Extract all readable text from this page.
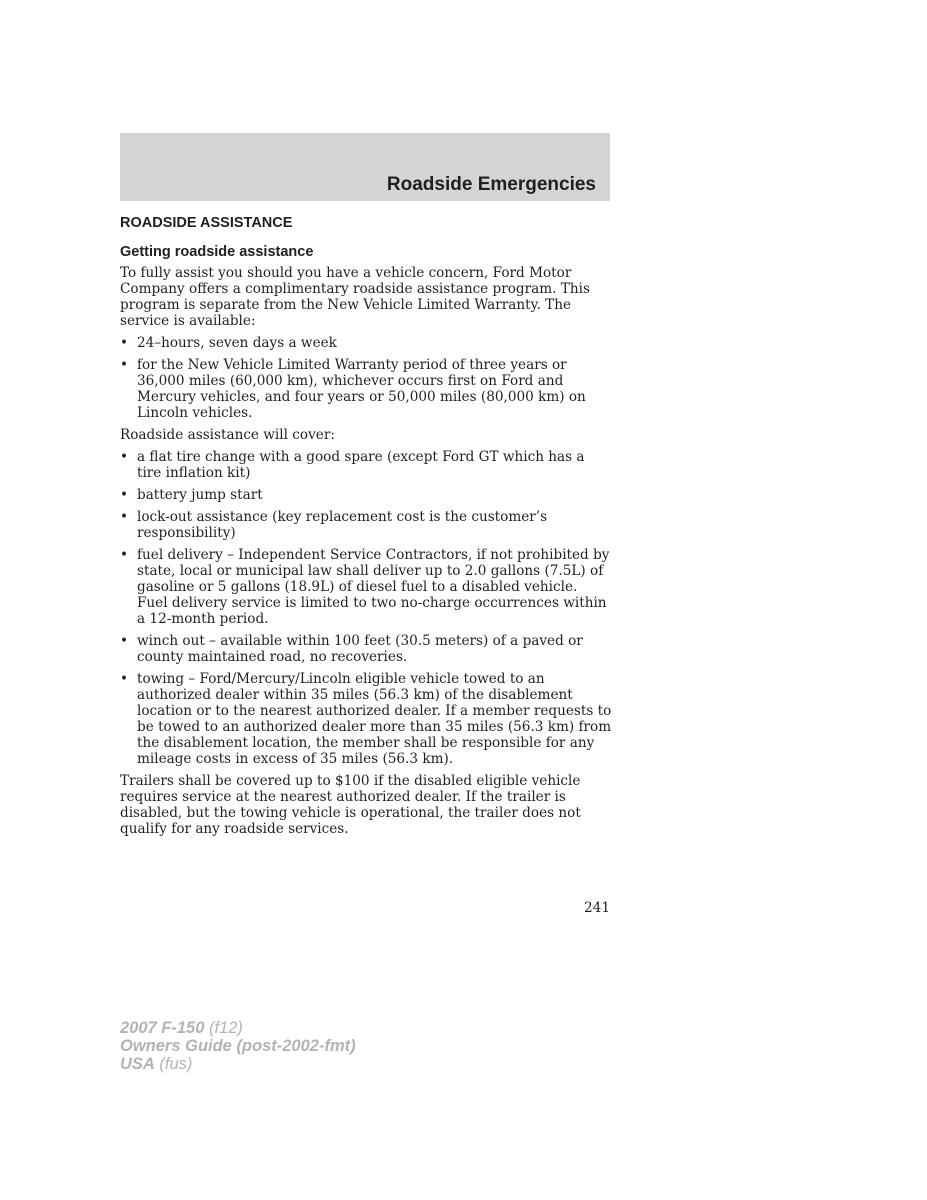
Roadside Emergencies
ROADSIDE ASSISTANCE
Getting roadside assistance

To fully assist you should you have a vehicle concern, Ford Motor Company offers a complimentary roadside assistance program. This program is separate from the New Vehicle Limited Warranty. The service is available:

• 24–hours, seven days a week
• for the New Vehicle Limited Warranty period of three years or 36,000 miles (60,000 km), whichever occurs first on Ford and Mercury vehicles, and four years or 50,000 miles (80,000 km) on Lincoln vehicles.

Roadside assistance will cover:

• a flat tire change with a good spare (except Ford GT which has a tire inflation kit)
• battery jump start
• lock-out assistance (key replacement cost is the customer’s responsibility)
• fuel delivery – Independent Service Contractors, if not prohibited by state, local or municipal law shall deliver up to 2.0 gallons (7.5L) of gasoline or 5 gallons (18.9L) of diesel fuel to a disabled vehicle. Fuel delivery service is limited to two no-charge occurrences within a 12-month period.
• winch out – available within 100 feet (30.5 meters) of a paved or county maintained road, no recoveries.
• towing – Ford/Mercury/Lincoln eligible vehicle towed to an authorized dealer within 35 miles (56.3 km) of the disablement location or to the nearest authorized dealer. If a member requests to be towed to an authorized dealer more than 35 miles (56.3 km) from the disablement location, the member shall be responsible for any mileage costs in excess of 35 miles (56.3 km).

Trailers shall be covered up to $100 if the disabled eligible vehicle requires service at the nearest authorized dealer. If the trailer is disabled, but the towing vehicle is operational, the trailer does not qualify for any roadside services.

241
2007 F-150 (f12)
Owners Guide (post-2002-fmt)
USA (fus)
